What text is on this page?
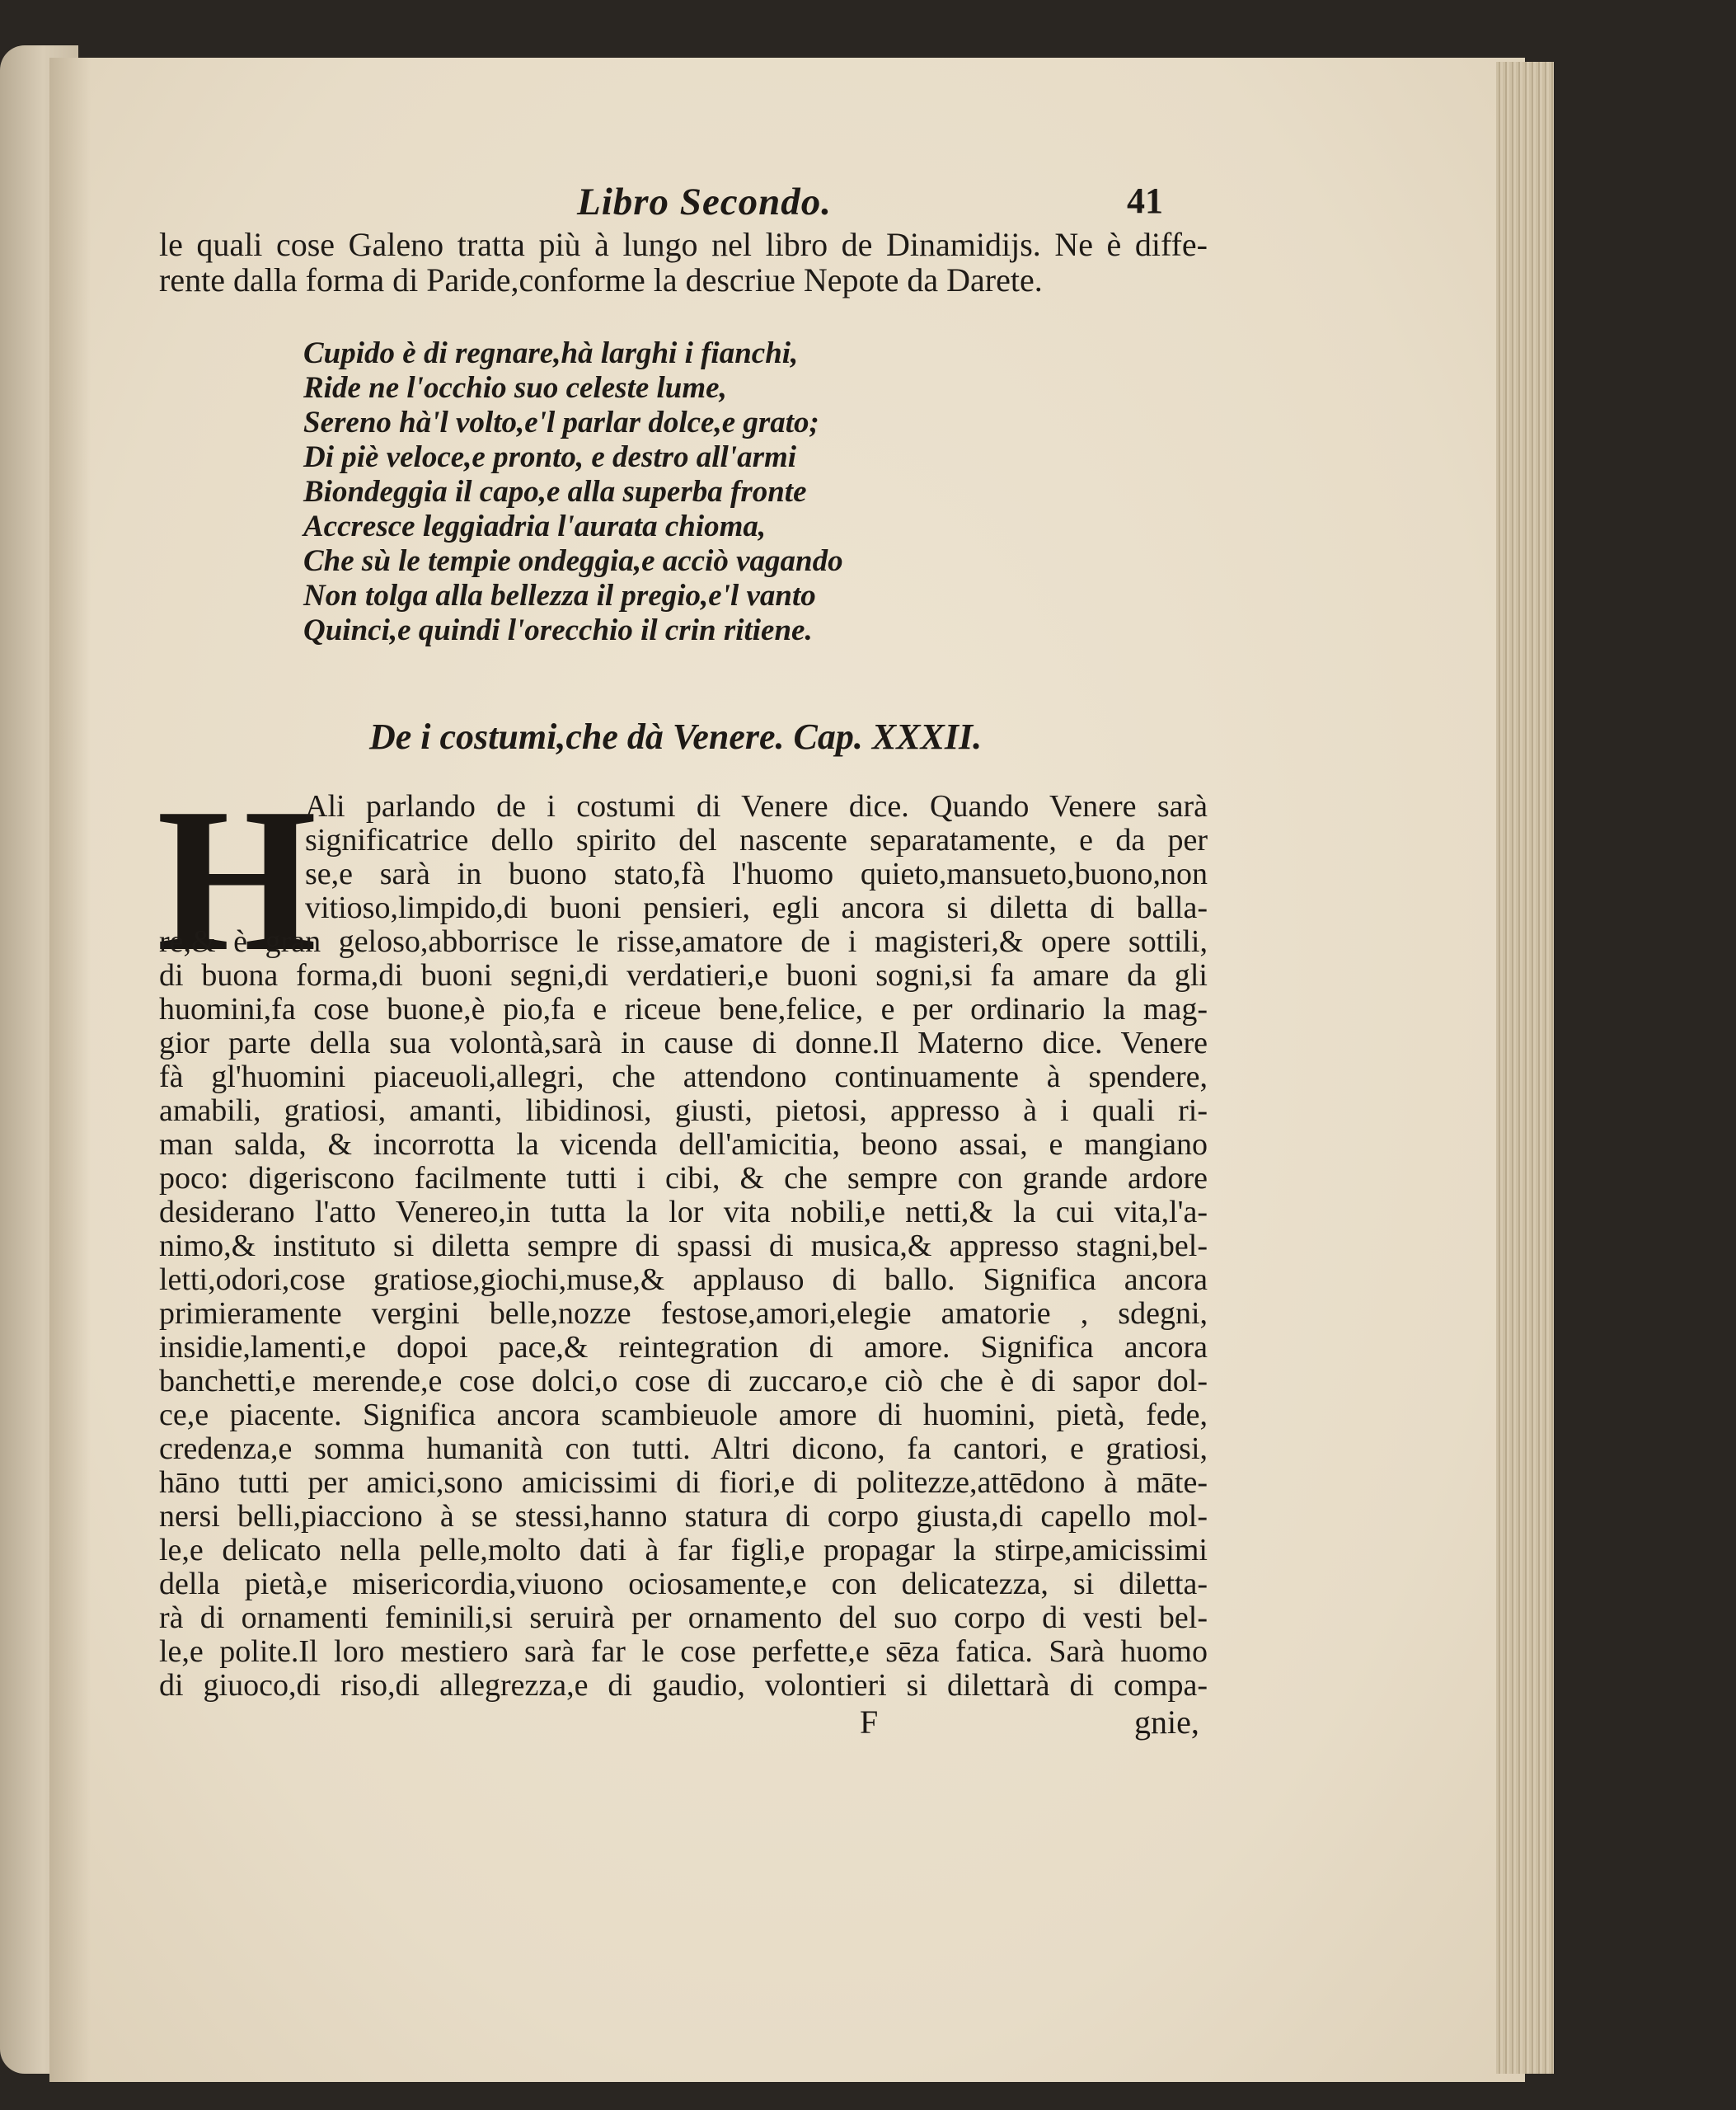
Libro Secondo.	41
le quali cose Galeno tratta più à lungo nel libro de Dinamidijs. Ne è diffe-
rente dalla forma di Paride,conforme la descriue Nepote da Darete.
Cupido è di regnare,hà larghi i fianchi,
Ride ne l'occhio suo celeste lume,
Sereno hà'l volto,e'l parlar dolce,e grato;
Di piè veloce,e pronto, e destro all'armi
Biondeggia il capo,e alla superba fronte
Accresce leggiadria l'aurata chioma,
Che sù le tempie ondeggia,e acciò vagando
Non tolga alla bellezza il pregio,e'l vanto
Quinci,e quindi l'orecchio il crin ritiene.
De i costumi,che dà Venere. Cap. XXXII.
H
Ali parlando de i costumi di Venere dice. Quando Venere sarà
significatrice dello spirito del nascente separatamente, e da per
se,e sarà in buono stato,fà l'huomo quieto,mansueto,buono,non
vitioso,limpido,di buoni pensieri, egli ancora si diletta di balla-
re,& è gran geloso,abborrisce le risse,amatore de i magisteri,& opere sottili,
di buona forma,di buoni segni,di verdatieri,e buoni sogni,si fa amare da gli
huomini,fa cose buone,è pio,fa e riceue bene,felice, e per ordinario la mag-
gior parte della sua volontà,sarà in cause di donne.Il Materno dice. Venere
fà gl'huomini piaceuoli,allegri, che attendono continuamente à spendere,
amabili, gratiosi, amanti, libidinosi, giusti, pietosi, appresso à i quali ri-
man salda, & incorrotta la vicenda dell'amicitia, beono assai, e mangiano
poco: digeriscono facilmente tutti i cibi, & che sempre con grande ardore
desiderano l'atto Venereo,in tutta la lor vita nobili,e netti,& la cui vita,l'a-
nimo,& instituto si diletta sempre di spassi di musica,& appresso stagni,bel-
letti,odori,cose gratiose,giochi,muse,& applauso di ballo. Significa ancora
primieramente vergini belle,nozze festose,amori,elegie amatorie , sdegni,
insidie,lamenti,e dopoi pace,& reintegration di amore. Significa ancora
banchetti,e merende,e cose dolci,o cose di zuccaro,e ciò che è di sapor dol-
ce,e piacente. Significa ancora scambieuole amore di huomini, pietà, fede,
credenza,e somma humanità con tutti. Altri dicono, fa cantori, e gratiosi,
hāno tutti per amici,sono amicissimi di fiori,e di politezze,attēdono à māte-
nersi belli,piacciono à se stessi,hanno statura di corpo giusta,di capello mol-
le,e delicato nella pelle,molto dati à far figli,e propagar la stirpe,amicissimi
della pietà,e misericordia,viuono ociosamente,e con delicatezza, si diletta-
rà di ornamenti feminili,si seruirà per ornamento del suo corpo di vesti bel-
le,e polite.Il loro mestiero sarà far le cose perfette,e sēza fatica. Sarà huomo
di giuoco,di riso,di allegrezza,e di gaudio, volontieri si dilettarà di compa-
F	gnie,
